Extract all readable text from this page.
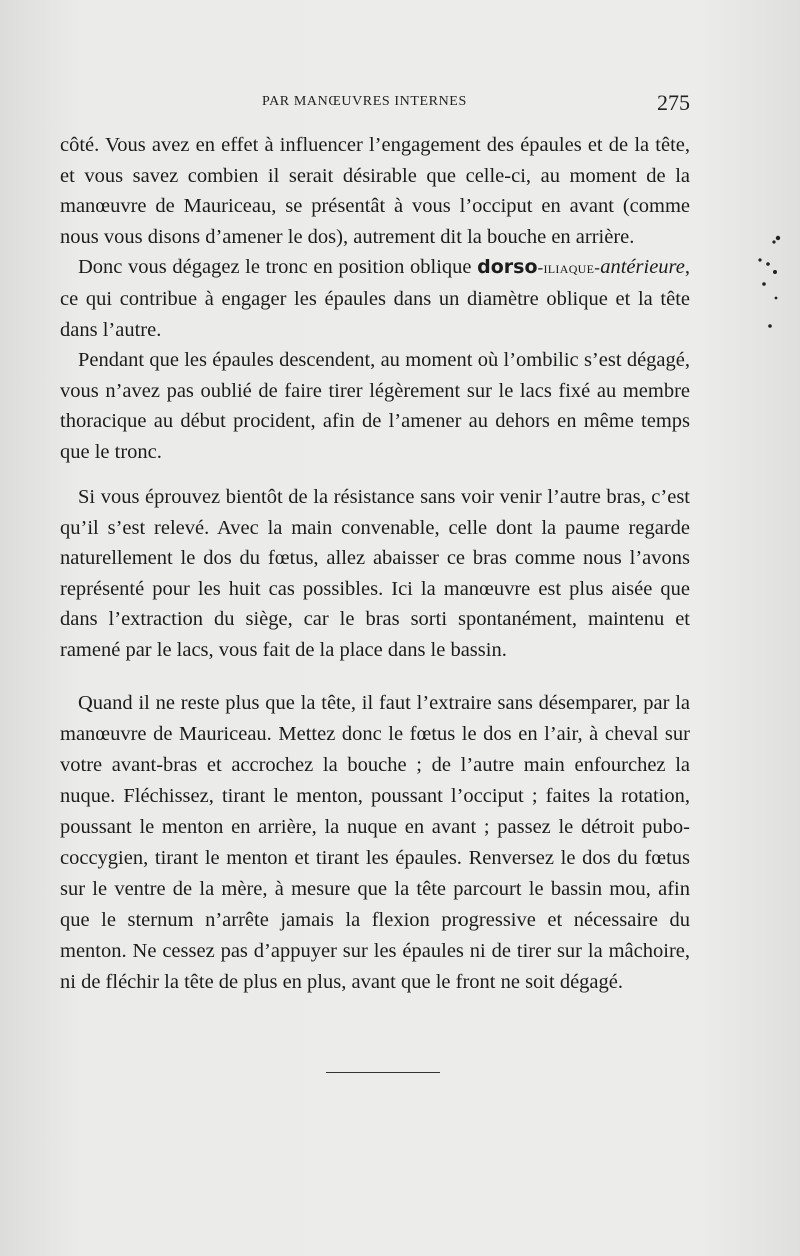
PAR MANŒUVRES INTERNES	275

côté. Vous avez en effet à influencer l’engagement des épaules et de la tête, et vous savez combien il serait désirable que celle-ci, au moment de la manœuvre de Mauriceau, se présentât à vous l’occiput en avant (comme nous vous disons d’amener le dos), autrement dit la bouche en arrière.

Donc vous dégagez le tronc en position oblique dorso-iliaque-antérieure, ce qui contribue à engager les épaules dans un diamètre oblique et la tête dans l’autre.

Pendant que les épaules descendent, au moment où l’ombilic s’est dégagé, vous n’avez pas oublié de faire tirer légèrement sur le lacs fixé au membre thoracique au début procident, afin de l’amener au dehors en même temps que le tronc.

Si vous éprouvez bientôt de la résistance sans voir venir l’autre bras, c’est qu’il s’est relevé. Avec la main convenable, celle dont la paume regarde naturellement le dos du fœtus, allez abaisser ce bras comme nous l’avons représenté pour les huit cas possibles. Ici la manœuvre est plus aisée que dans l’extraction du siège, car le bras sorti spontanément, maintenu et ramené par le lacs, vous fait de la place dans le bassin.

Quand il ne reste plus que la tête, il faut l’extraire sans désemparer, par la manœuvre de Mauriceau. Mettez donc le fœtus le dos en l’air, à cheval sur votre avant-bras et accrochez la bouche ; de l’autre main enfourchez la nuque. Fléchissez, tirant le menton, poussant l’occiput ; faites la rotation, poussant le menton en arrière, la nuque en avant ; passez le détroit pubo-coccygien, tirant le menton et tirant les épaules. Renversez le dos du fœtus sur le ventre de la mère, à mesure que la tête parcourt le bassin mou, afin que le sternum n’arrête jamais la flexion progressive et nécessaire du menton. Ne cessez pas d’appuyer sur les épaules ni de tirer sur la mâchoire, ni de fléchir la tête de plus en plus, avant que le front ne soit dégagé.
